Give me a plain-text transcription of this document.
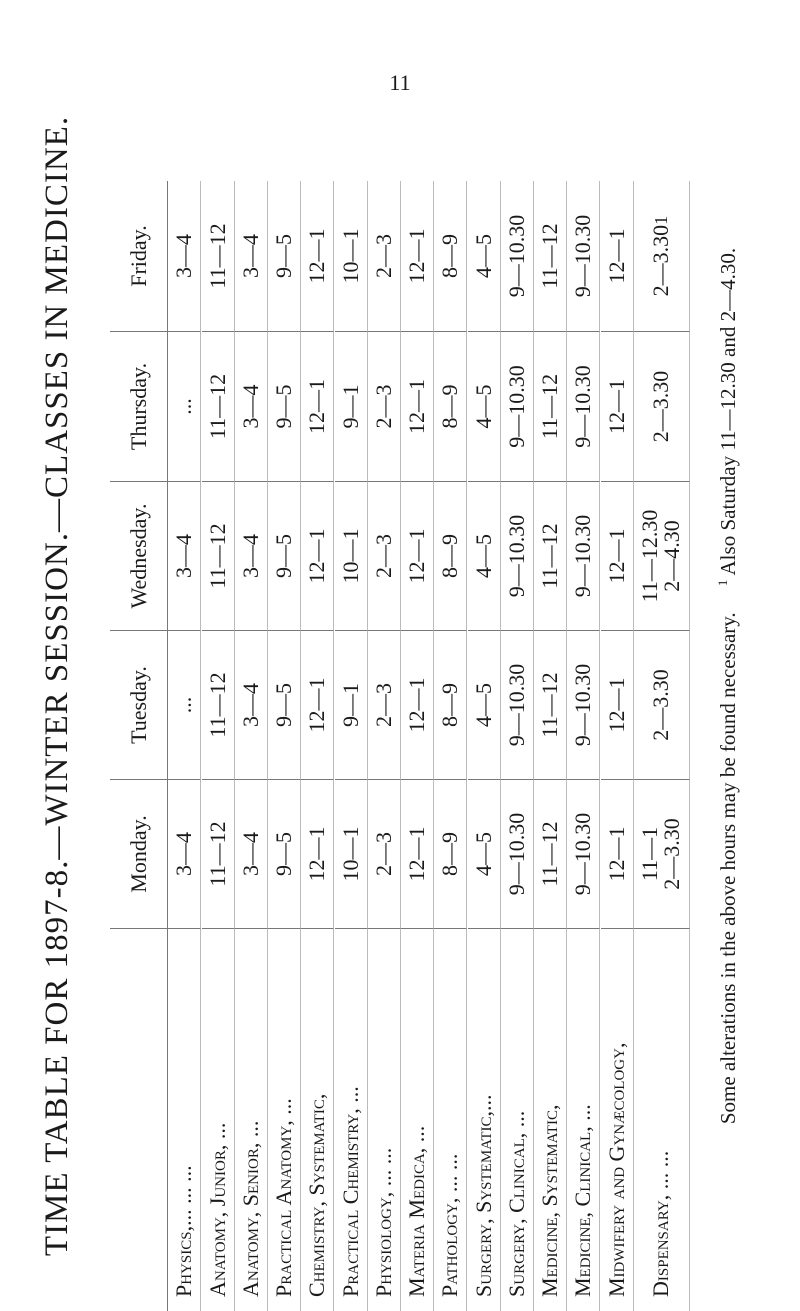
11
TIME TABLE FOR 1897-8.—WINTER SESSION.—CLASSES IN MEDICINE.	Monday.
Tuesday.
Wednesday.
Thursday.
Friday.
Physics,... ... ...
3—4
...
3—4
...
3—4
Anatomy, Junior, ...
11—12
11—12
11—12
11—12
11—12
Anatomy, Senior, ...
3—4
3—4
3—4
3—4
3—4
Practical Anatomy, ...
9—5
9—5
9—5
9—5
9—5
Chemistry, Systematic,
12—1
12—1
12—1
12—1
12—1
Practical Chemistry, ...
10—1
9—1
10—1
9—1
10—1
Physiology, ... ...
2—3
2—3
2—3
2—3
2—3
Materia Medica, ...
12—1
12—1
12—1
12—1
12—1
Pathology, ... ...
8—9
8—9
8—9
8—9
8—9
Surgery, Systematic,...
4—5
4—5
4—5
4—5
4—5
Surgery, Clinical, ...
9—10.30
9—10.30
9—10.30
9—10.30
9—10.30
Medicine, Systematic,
11—12
11—12
11—12
11—12
11—12
Medicine, Clinical, ...
9—10.30
9—10.30
9—10.30
9—10.30
9—10.30
Midwifery and Gynæcology,
12—1
12—1
12—1
12—1
12—1
Dispensary, ... ...
11—1
2—3.30
2—3.30
11—12.30
2—4.30
2—3.30
2—3.30
1
Some alterations in the above hours may be found necessary.     $^1$ Also Saturday 11—12.30 and 2—4.30.
